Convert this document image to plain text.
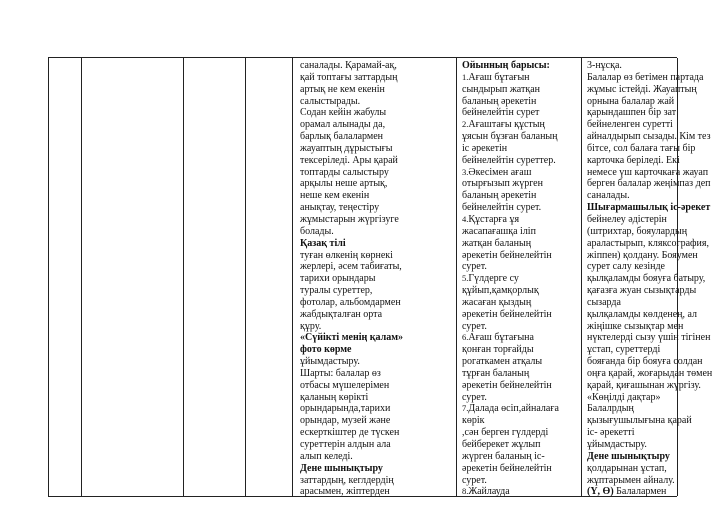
саналады. Қарамай-ақ,
қай топтағы заттардың
артық не кем екенін
салыстырады.
Содан кейін жабулы
орамал алынады да,
барлық балалармен
жауаптың дұрыстығы
тексеріледі. Ары қарай
топтарды салыстыру
арқылы неше артық,
неше кем екенін
анықтау, теңестіру
жұмыстарын жүргізуге
болады.
Қазақ тілі
туған өлкенің көрнекі
жерлері, әсем табиғаты,
тарихи орындары
туралы суреттер,
фотолар, альбомдармен
жабдықталған орта
құру.
«Сүйікті менің қалам»
фото көрме
ұйымдастыру.
Шарты: балалар өз
отбасы мүшелерімен
қаланың көрікті
орындарында,тарихи
орындар, музей және
ескерткіштер де түскен
суреттерін алдын ала
алып келеді.
Дене шынықтыру
заттардың, кеглдердің
арасымен, жіптерден
Ойынның барысы:
1.Ағаш бұтағын
сындырып жатқан
баланың әрекетін
бейнелейтін сурет
2.Ағаштағы құстың
ұясын бұзған баланың
іс әрекетін
бейнелейтін суреттер.
3.Әкесімен ағаш
отырғызып жүрген
баланың әрекетін
бейнелейтін сурет.
4.Құстарға ұя
жасапағашқа іліп
жатқан баланың
әрекетін бейнелейтін
сурет.
5.Гүлдерге су
құйып,қамқорлық
жасаған қыздың
әрекетін бейнелейтін
сурет.
6.Ағаш бұтағына
қонған торғайды
рогаткамен атқалы
тұрған баланың
әрекетін бейнелейтін
сурет.
7.Далада өсіп,айналаға
көрік
,сән берген гүлдерді
бейберекет жұлып
жүрген баланың іс-
әрекетін бейнелейтін
сурет.
8.Жайлауда
3-нұсқа.
Балалар өз бетімен партада
жұмыс істейді. Жауаптың
орнына балалар жай
қарындашпен бір зат
бейнеленген суретті
айналдырып сызады. Кім тез
бітсе, сол балаға тағы бір
карточка беріледі. Екі
немесе үш карточкаға жауап
берген балалар жеңімпаз деп
саналады.
Шығармашылық іс-әрекет
бейнелеу әдістерін
(штрихтар, бояулардың
араластырып, кляксография,
жіппен) қолдану. Бояумен
сурет салу кезінде
қылқаламды бояуға батыру,
қағазға жуан сызықтарды
сызарда
қылқаламды көлденең, ал
жіңішке сызықтар мен
нүктелерді сызу үшін тігінен
ұстап, суреттерді
бояғанда бір бояуға солдан
оңға қарай, жоғарыдан төмен
қарай, қиғашынан жүргізу.
«Көңілді дақтар»
Балалрдың
қызығушылығына қарай
іс- әрекетті
ұйымдастыру.
Дене шынықтыру
қолдарынан ұстап,
жұптарымен айналу.
(Ү, Ө) Балалармен
